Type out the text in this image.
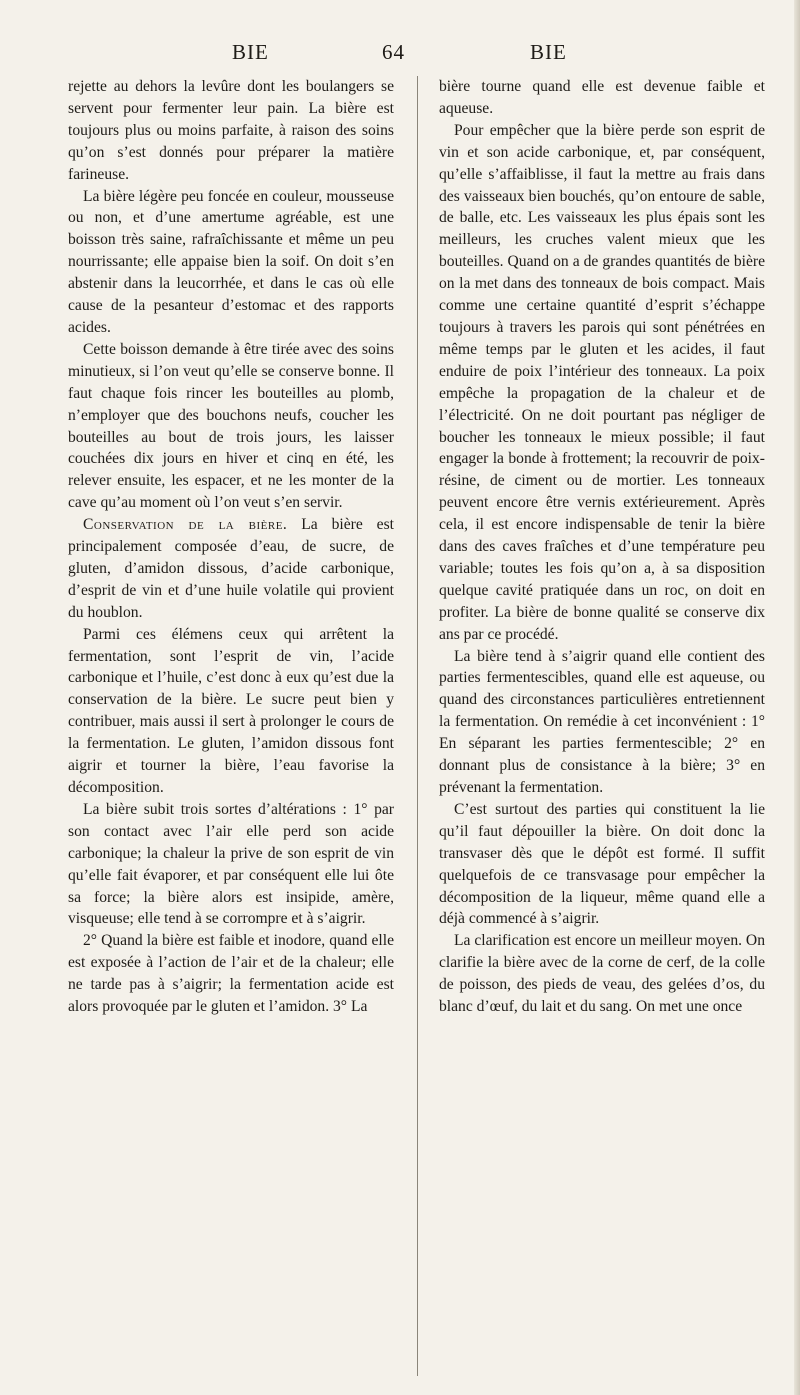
BIE	64	BIE

rejette au dehors la levûre dont les boulangers se servent pour fermenter leur pain. La bière est toujours plus ou moins parfaite, à raison des soins qu’on s’est donnés pour préparer la matière farineuse.

La bière légère peu foncée en couleur, mousseuse ou non, et d’une amertume agréable, est une boisson très saine, rafraîchissante et même un peu nourrissante; elle appaise bien la soif. On doit s’en abstenir dans la leucorrhée, et dans le cas où elle cause de la pesanteur d’estomac et des rapports acides.

Cette boisson demande à être tirée avec des soins minutieux, si l’on veut qu’elle se conserve bonne. Il faut chaque fois rincer les bouteilles au plomb, n’employer que des bouchons neufs, coucher les bouteilles au bout de trois jours, les laisser couchées dix jours en hiver et cinq en été, les relever ensuite, les espacer, et ne les monter de la cave qu’au moment où l’on veut s’en servir.

Conservation de la bière. La bière est principalement composée d’eau, de sucre, de gluten, d’amidon dissous, d’acide carbonique, d’esprit de vin et d’une huile volatile qui provient du houblon.

Parmi ces élémens ceux qui arrêtent la fermentation, sont l’esprit de vin, l’acide carbonique et l’huile, c’est donc à eux qu’est due la conservation de la bière. Le sucre peut bien y contribuer, mais aussi il sert à prolonger le cours de la fermentation. Le gluten, l’amidon dissous font aigrir et tourner la bière, l’eau favorise la décomposition.

La bière subit trois sortes d’altérations : 1° par son contact avec l’air elle perd son acide carbonique; la chaleur la prive de son esprit de vin qu’elle fait évaporer, et par conséquent elle lui ôte sa force; la bière alors est insipide, amère, visqueuse; elle tend à se corrompre et à s’aigrir.

2° Quand la bière est faible et inodore, quand elle est exposée à l’action de l’air et de la chaleur; elle ne tarde pas à s’aigrir; la fermentation acide est alors provoquée par le gluten et l’amidon. 3° La

bière tourne quand elle est devenue faible et aqueuse.

Pour empêcher que la bière perde son esprit de vin et son acide carbonique, et, par conséquent, qu’elle s’affaiblisse, il faut la mettre au frais dans des vaisseaux bien bouchés, qu’on entoure de sable, de balle, etc. Les vaisseaux les plus épais sont les meilleurs, les cruches valent mieux que les bouteilles. Quand on a de grandes quantités de bière on la met dans des tonneaux de bois compact. Mais comme une certaine quantité d’esprit s’échappe toujours à travers les parois qui sont pénétrées en même temps par le gluten et les acides, il faut enduire de poix l’intérieur des tonneaux. La poix empêche la propagation de la chaleur et de l’électricité. On ne doit pourtant pas négliger de boucher les tonneaux le mieux possible; il faut engager la bonde à frottement; la recouvrir de poix-résine, de ciment ou de mortier. Les tonneaux peuvent encore être vernis extérieurement. Après cela, il est encore indispensable de tenir la bière dans des caves fraîches et d’une température peu variable; toutes les fois qu’on a, à sa disposition quelque cavité pratiquée dans un roc, on doit en profiter. La bière de bonne qualité se conserve dix ans par ce procédé.

La bière tend à s’aigrir quand elle contient des parties fermentescibles, quand elle est aqueuse, ou quand des circonstances particulières entretiennent la fermentation. On remédie à cet inconvénient : 1° En séparant les parties fermentescible; 2° en donnant plus de consistance à la bière; 3° en prévenant la fermentation.

C’est surtout des parties qui constituent la lie qu’il faut dépouiller la bière. On doit donc la transvaser dès que le dépôt est formé. Il suffit quelquefois de ce transvasage pour empêcher la décomposition de la liqueur, même quand elle a déjà commencé à s’aigrir.

La clarification est encore un meilleur moyen. On clarifie la bière avec de la corne de cerf, de la colle de poisson, des pieds de veau, des gelées d’os, du blanc d’œuf, du lait et du sang. On met une once
